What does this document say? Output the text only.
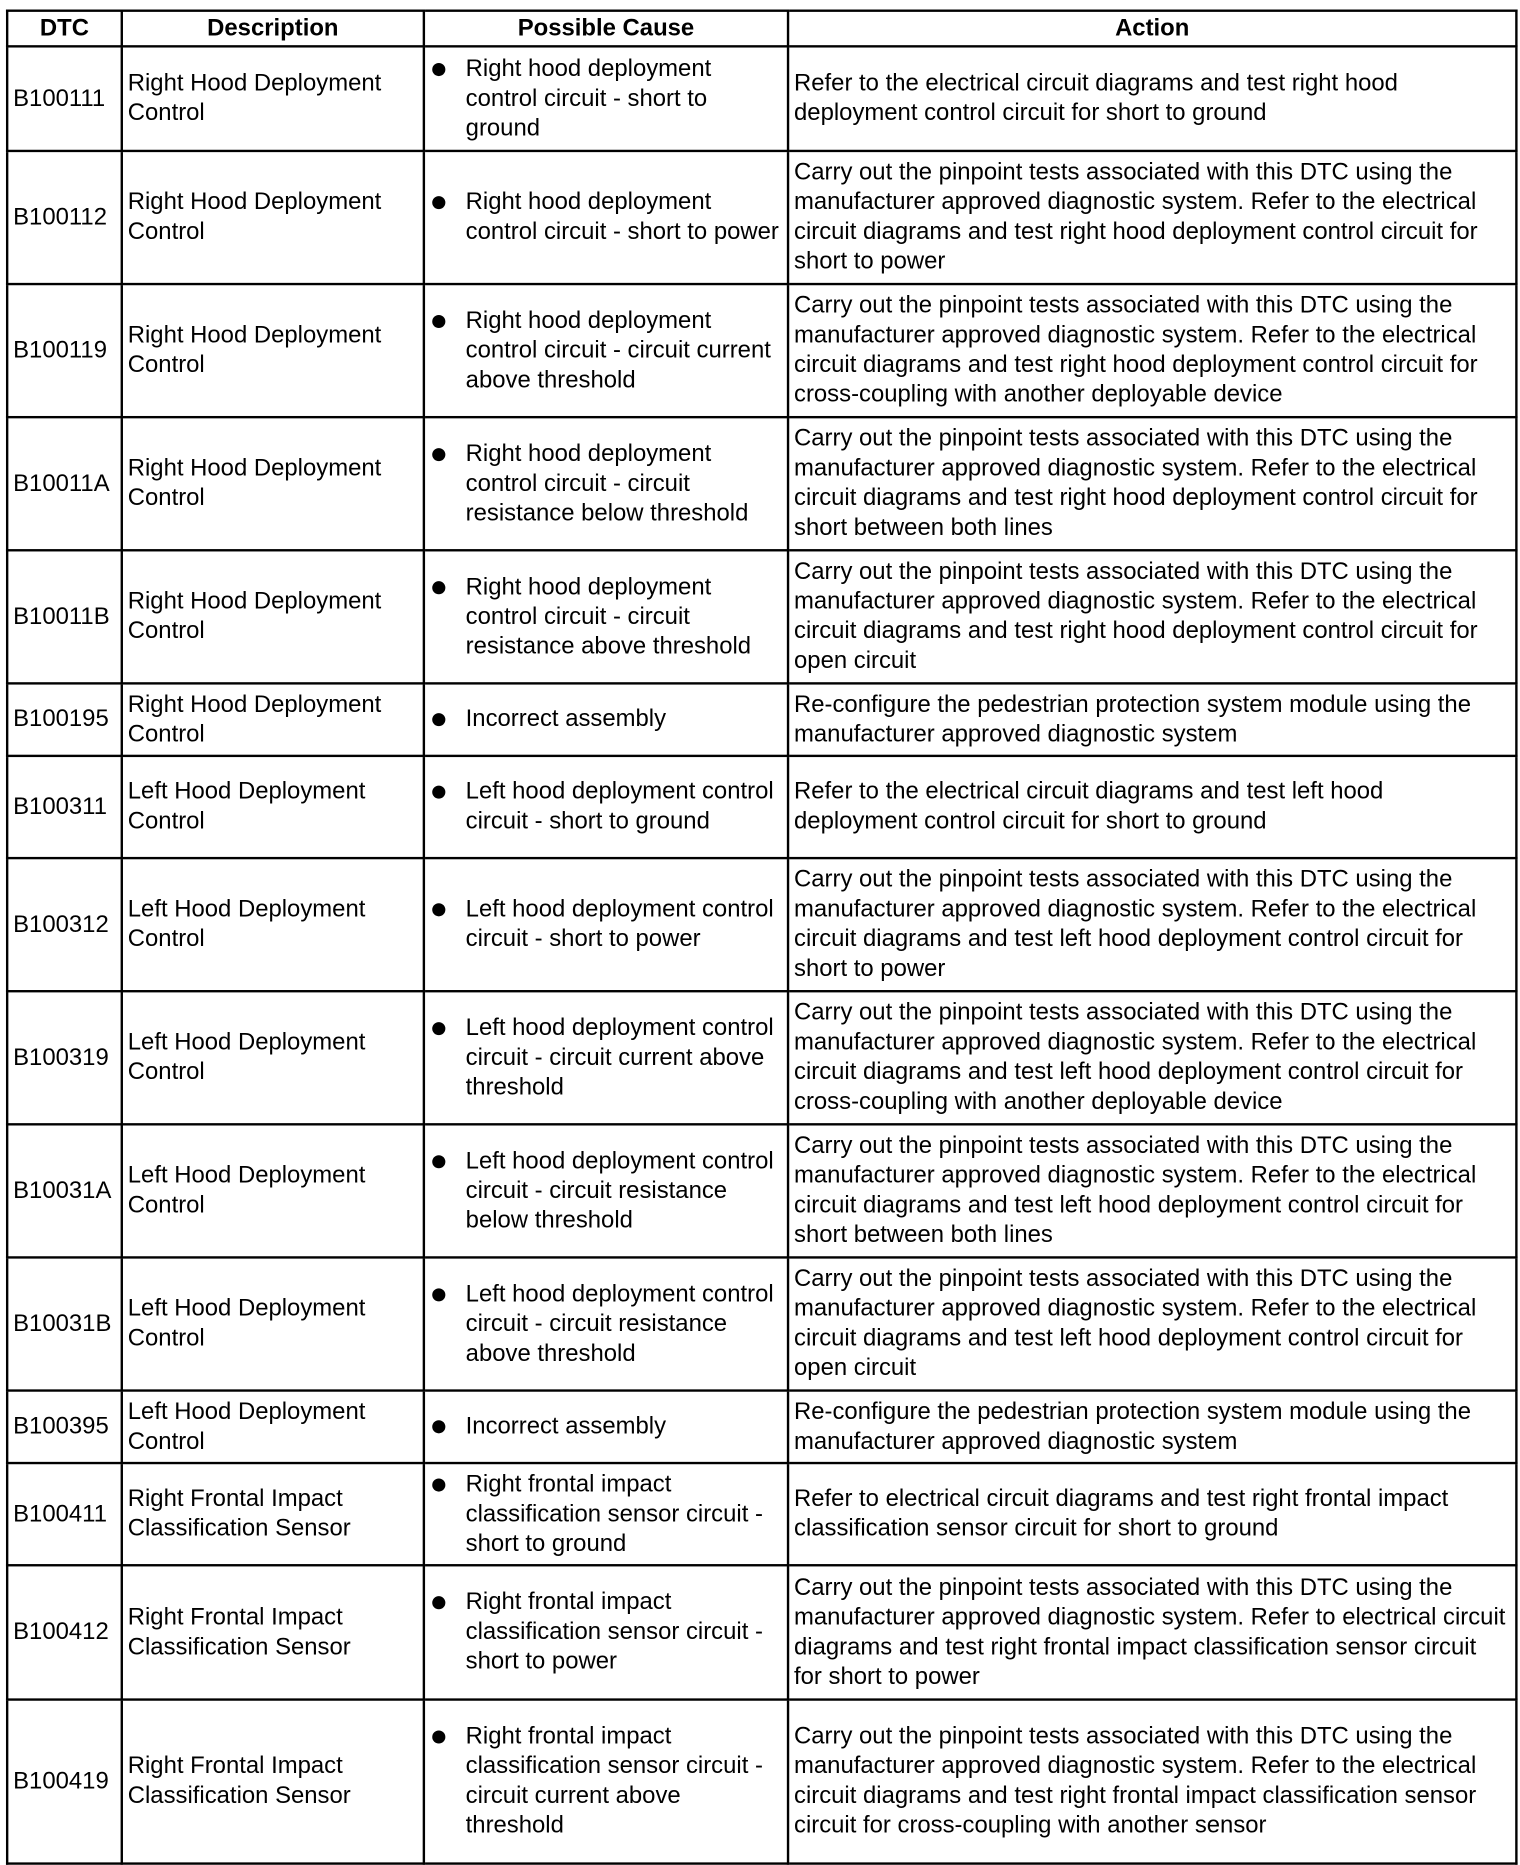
DTC	Description	Possible Cause	Action
B100111	Right Hood Deployment Control	Right hood deployment control circuit - short to ground	Refer to the electrical circuit diagrams and test right hood deployment control circuit for short to ground
B100112	Right Hood Deployment Control	Right hood deployment control circuit - short to power	Carry out the pinpoint tests associated with this DTC using the manufacturer approved diagnostic system. Refer to the electrical circuit diagrams and test right hood deployment control circuit for short to power
B100119	Right Hood Deployment Control	Right hood deployment control circuit - circuit current above threshold	Carry out the pinpoint tests associated with this DTC using the manufacturer approved diagnostic system. Refer to the electrical circuit diagrams and test right hood deployment control circuit for cross-coupling with another deployable device
B10011A	Right Hood Deployment Control	Right hood deployment control circuit - circuit resistance below threshold	Carry out the pinpoint tests associated with this DTC using the manufacturer approved diagnostic system. Refer to the electrical circuit diagrams and test right hood deployment control circuit for short between both lines
B10011B	Right Hood Deployment Control	Right hood deployment control circuit - circuit resistance above threshold	Carry out the pinpoint tests associated with this DTC using the manufacturer approved diagnostic system. Refer to the electrical circuit diagrams and test right hood deployment control circuit for open circuit
B100195	Right Hood Deployment Control	Incorrect assembly	Re-configure the pedestrian protection system module using the manufacturer approved diagnostic system
B100311	Left Hood Deployment Control	Left hood deployment control circuit - short to ground	Refer to the electrical circuit diagrams and test left hood deployment control circuit for short to ground
B100312	Left Hood Deployment Control	Left hood deployment control circuit - short to power	Carry out the pinpoint tests associated with this DTC using the manufacturer approved diagnostic system. Refer to the electrical circuit diagrams and test left hood deployment control circuit for short to power
B100319	Left Hood Deployment Control	Left hood deployment control circuit - circuit current above threshold	Carry out the pinpoint tests associated with this DTC using the manufacturer approved diagnostic system. Refer to the electrical circuit diagrams and test left hood deployment control circuit for cross-coupling with another deployable device
B10031A	Left Hood Deployment Control	Left hood deployment control circuit - circuit resistance below threshold	Carry out the pinpoint tests associated with this DTC using the manufacturer approved diagnostic system. Refer to the electrical circuit diagrams and test left hood deployment control circuit for short between both lines
B10031B	Left Hood Deployment Control	Left hood deployment control circuit - circuit resistance above threshold	Carry out the pinpoint tests associated with this DTC using the manufacturer approved diagnostic system. Refer to the electrical circuit diagrams and test left hood deployment control circuit for open circuit
B100395	Left Hood Deployment Control	Incorrect assembly	Re-configure the pedestrian protection system module using the manufacturer approved diagnostic system
B100411	Right Frontal Impact Classification Sensor	Right frontal impact classification sensor circuit - short to ground	Refer to electrical circuit diagrams and test right frontal impact classification sensor circuit for short to ground
B100412	Right Frontal Impact Classification Sensor	Right frontal impact classification sensor circuit - short to power	Carry out the pinpoint tests associated with this DTC using the manufacturer approved diagnostic system. Refer to electrical circuit diagrams and test right frontal impact classification sensor circuit for short to power
B100419	Right Frontal Impact Classification Sensor	Right frontal impact classification sensor circuit - circuit current above threshold	Carry out the pinpoint tests associated with this DTC using the manufacturer approved diagnostic system. Refer to the electrical circuit diagrams and test right frontal impact classification sensor circuit for cross-coupling with another sensor
